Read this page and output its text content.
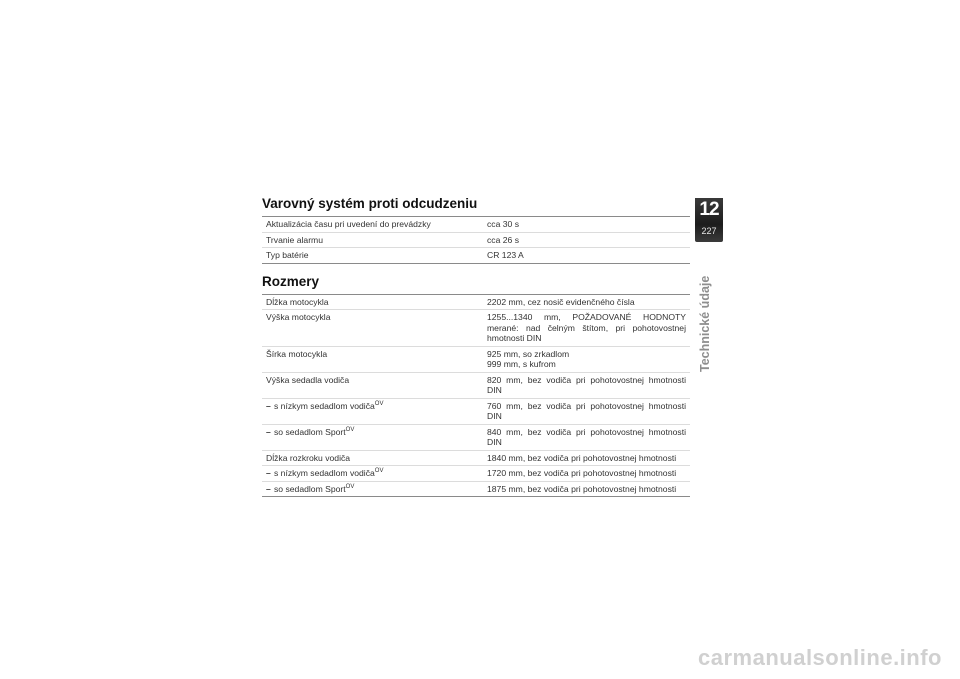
Varovný systém proti odcudzeniu
Aktualizácia času pri uvedení do prevádzky	cca 30 s
Trvanie alarmu	cca 26 s
Typ batérie	CR 123 A
Rozmery
Dĺžka motocykla	2202 mm, cez nosič evidenčného čísla
Výška motocykla	1255...1340 mm, POŽADOVANÉ HODNOTY merané: nad čelným štítom, pri pohotovostnej hmotnosti DIN
Šírka motocykla	925 mm, so zrkadlom
999 mm, s kufrom

Výška sedadla vodiča	820 mm, bez vodiča pri pohotovostnej hmotnosti DIN
– s nízkym sedadlom vodiča$^{OV}$	760 mm, bez vodiča pri pohotovostnej hmotnosti DIN
– so sedadlom Sport$^{OV}$	840 mm, bez vodiča pri pohotovostnej hmotnosti DIN
Dĺžka rozkroku vodiča	1840 mm, bez vodiča pri pohotovostnej hmotnosti
– s nízkym sedadlom vodiča$^{OV}$	1720 mm, bez vodiča pri pohotovostnej hmotnosti
– so sedadlom Sport$^{OV}$	1875 mm, bez vodiča pri pohotovostnej hmotnosti
12
227
Technické údaje
carmanualsonline.info
